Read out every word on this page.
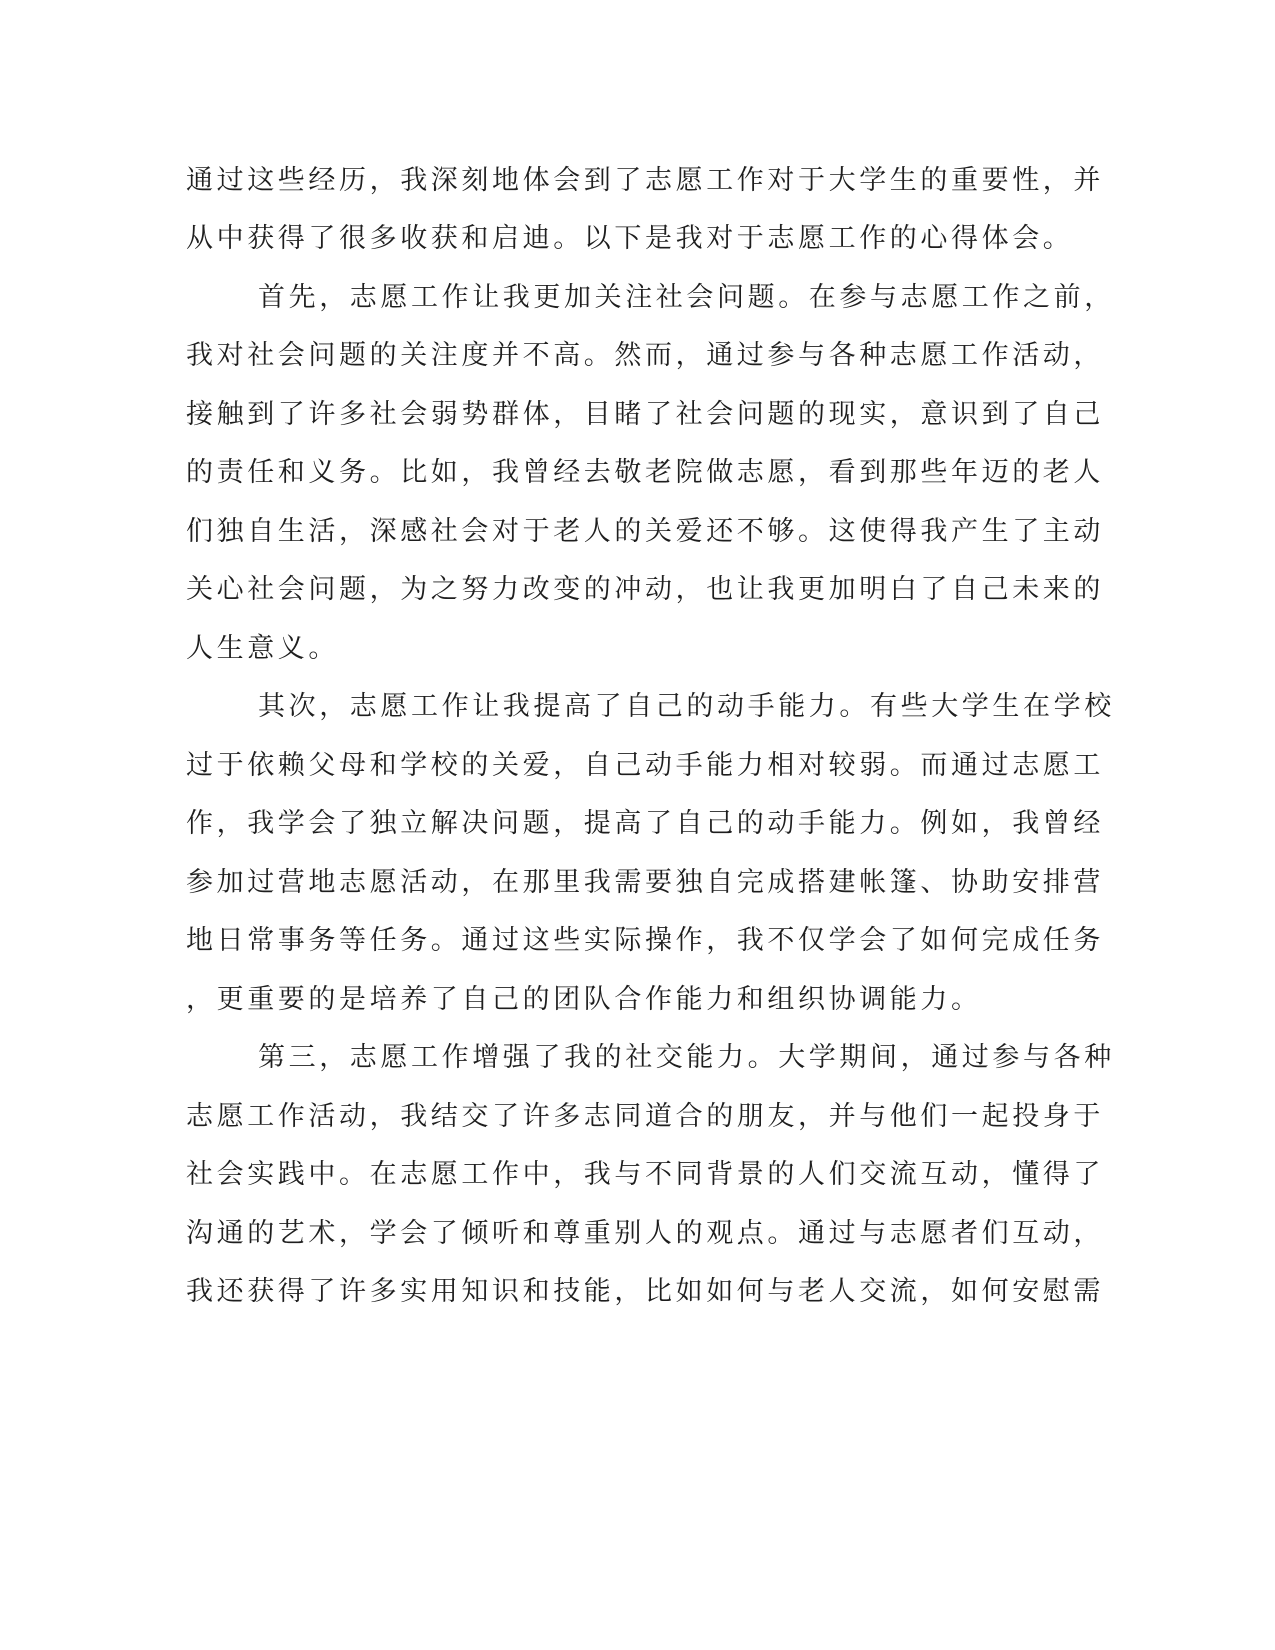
通过这些经历，我深刻地体会到了志愿工作对于大学生的重要性，并
从中获得了很多收获和启迪。以下是我对于志愿工作的心得体会。
首先，志愿工作让我更加关注社会问题。在参与志愿工作之前，
我对社会问题的关注度并不高。然而，通过参与各种志愿工作活动，
接触到了许多社会弱势群体，目睹了社会问题的现实，意识到了自己
的责任和义务。比如，我曾经去敬老院做志愿，看到那些年迈的老人
们独自生活，深感社会对于老人的关爱还不够。这使得我产生了主动
关心社会问题，为之努力改变的冲动，也让我更加明白了自己未来的
人生意义。
其次，志愿工作让我提高了自己的动手能力。有些大学生在学校
过于依赖父母和学校的关爱，自己动手能力相对较弱。而通过志愿工
作，我学会了独立解决问题，提高了自己的动手能力。例如，我曾经
参加过营地志愿活动，在那里我需要独自完成搭建帐篷、协助安排营
地日常事务等任务。通过这些实际操作，我不仅学会了如何完成任务
，更重要的是培养了自己的团队合作能力和组织协调能力。
第三，志愿工作增强了我的社交能力。大学期间，通过参与各种
志愿工作活动，我结交了许多志同道合的朋友，并与他们一起投身于
社会实践中。在志愿工作中，我与不同背景的人们交流互动，懂得了
沟通的艺术，学会了倾听和尊重别人的观点。通过与志愿者们互动，
我还获得了许多实用知识和技能，比如如何与老人交流，如何安慰需
